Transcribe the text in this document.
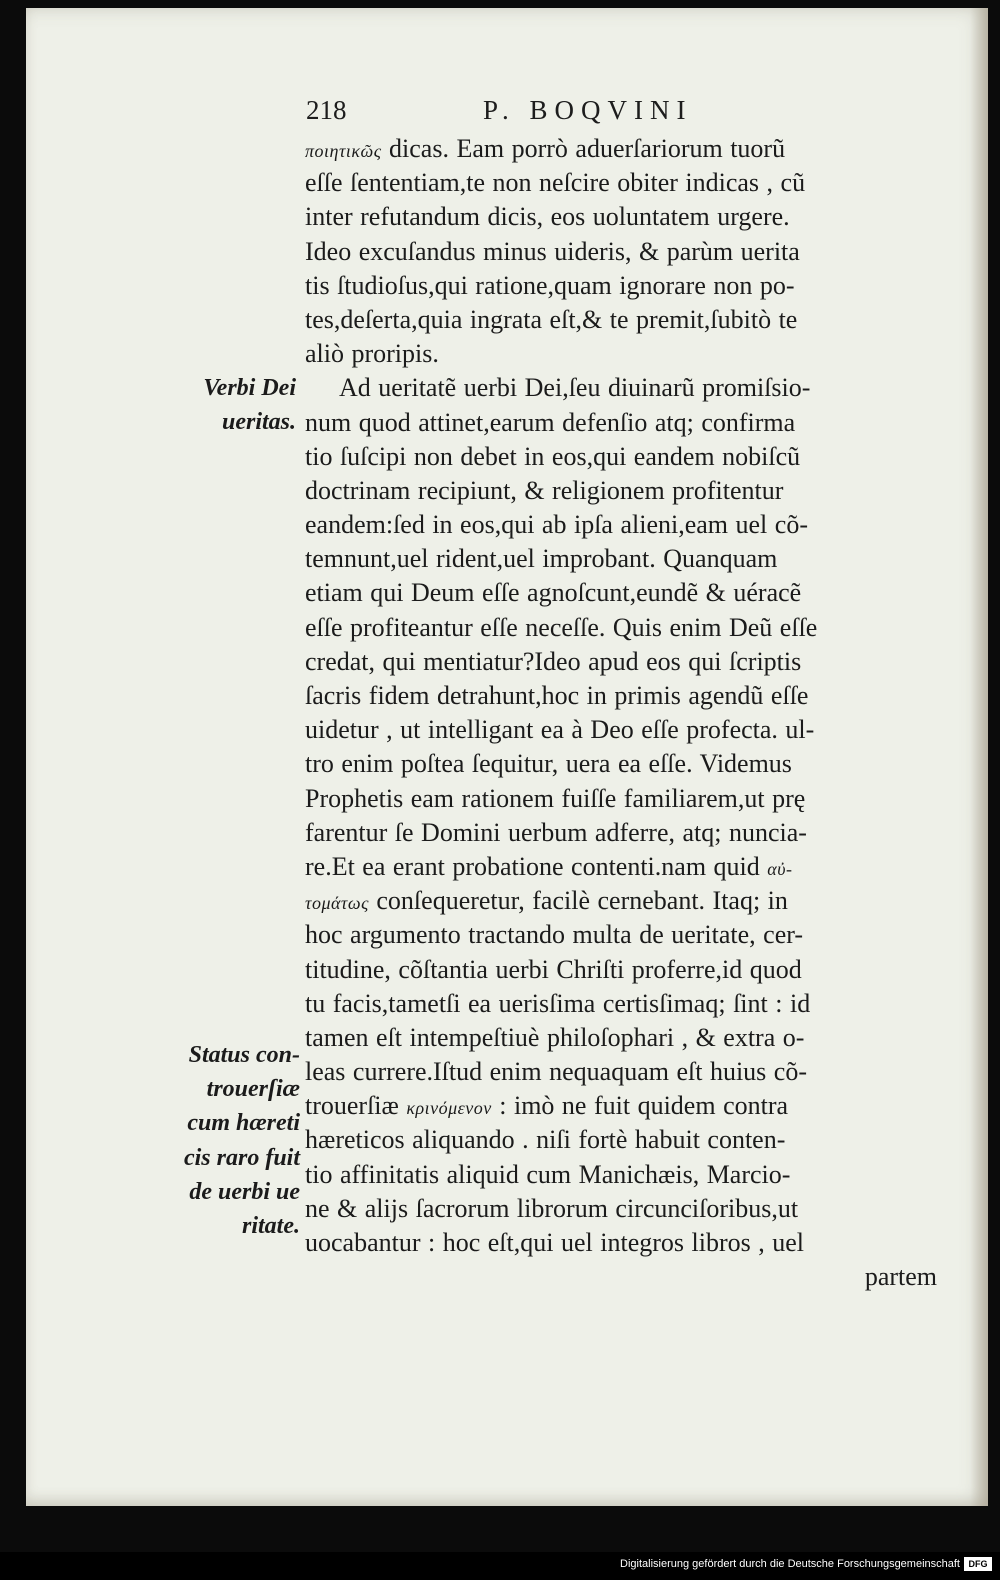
218	P. BOQVINI
ποιητικῶς dicas. Eam porrò aduerſariorum tuorũ
eſſe ſententiam,te non neſcire obiter indicas , cũ
inter refutandum dicis, eos uoluntatem urgere.
Ideo excuſandus minus uideris, & parùm uerita
tis ſtudioſus,qui ratione,quam ignorare non po-
tes,deſerta,quia ingrata eſt,& te premit,ſubitò te
aliò proripis.
Ad ueritatẽ uerbi Dei,ſeu diuinarũ promiſsio-
num quod attinet,earum defenſio atq; confirma
tio ſuſcipi non debet in eos,qui eandem nobiſcũ
doctrinam recipiunt, & religionem profitentur
eandem:ſed in eos,qui ab ipſa alieni,eam uel cõ-
temnunt,uel rident,uel improbant. Quanquam
etiam qui Deum eſſe agnoſcunt,eundẽ & uéracẽ
eſſe profiteantur eſſe neceſſe. Quis enim Deũ eſſe
credat, qui mentiatur?Ideo apud eos qui ſcriptis
ſacris fidem detrahunt,hoc in primis agendũ eſſe
uidetur , ut intelligant ea à Deo eſſe profecta. ul-
tro enim poſtea ſequitur, uera ea eſſe. Videmus
Prophetis eam rationem fuiſſe familiarem,ut prę
farentur ſe Domini uerbum adferre, atq; nuncia-
re.Et ea erant probatione contenti.nam quid αὐ-
τομάτως conſequeretur, facilè cernebant. Itaq; in
hoc argumento tractando multa de ueritate, cer-
titudine, cõſtantia uerbi Chriſti proferre,id quod
tu facis,tametſi ea uerisſima certisſimaq; ſint : id
tamen eſt intempeſtiuè philoſophari , & extra o-
leas currere.Iſtud enim nequaquam eſt huius cõ-
trouerſiæ κρινόμενον : imò ne fuit quidem contra
hæreticos aliquando . niſi fortè habuit conten-
tio affinitatis aliquid cum Manichæis, Marcio-
ne & alijs ſacrorum librorum circunciſoribus,ut
uocabantur : hoc eſt,qui uel integros libros , uel
partem
Verbi Dei
ueritas.
Status con-
trouerſiæ
cum hæreti
cis raro fuit
de uerbi ue
ritate.
Digitalisierung gefördert durch die Deutsche Forschungsgemeinschaft DFG
